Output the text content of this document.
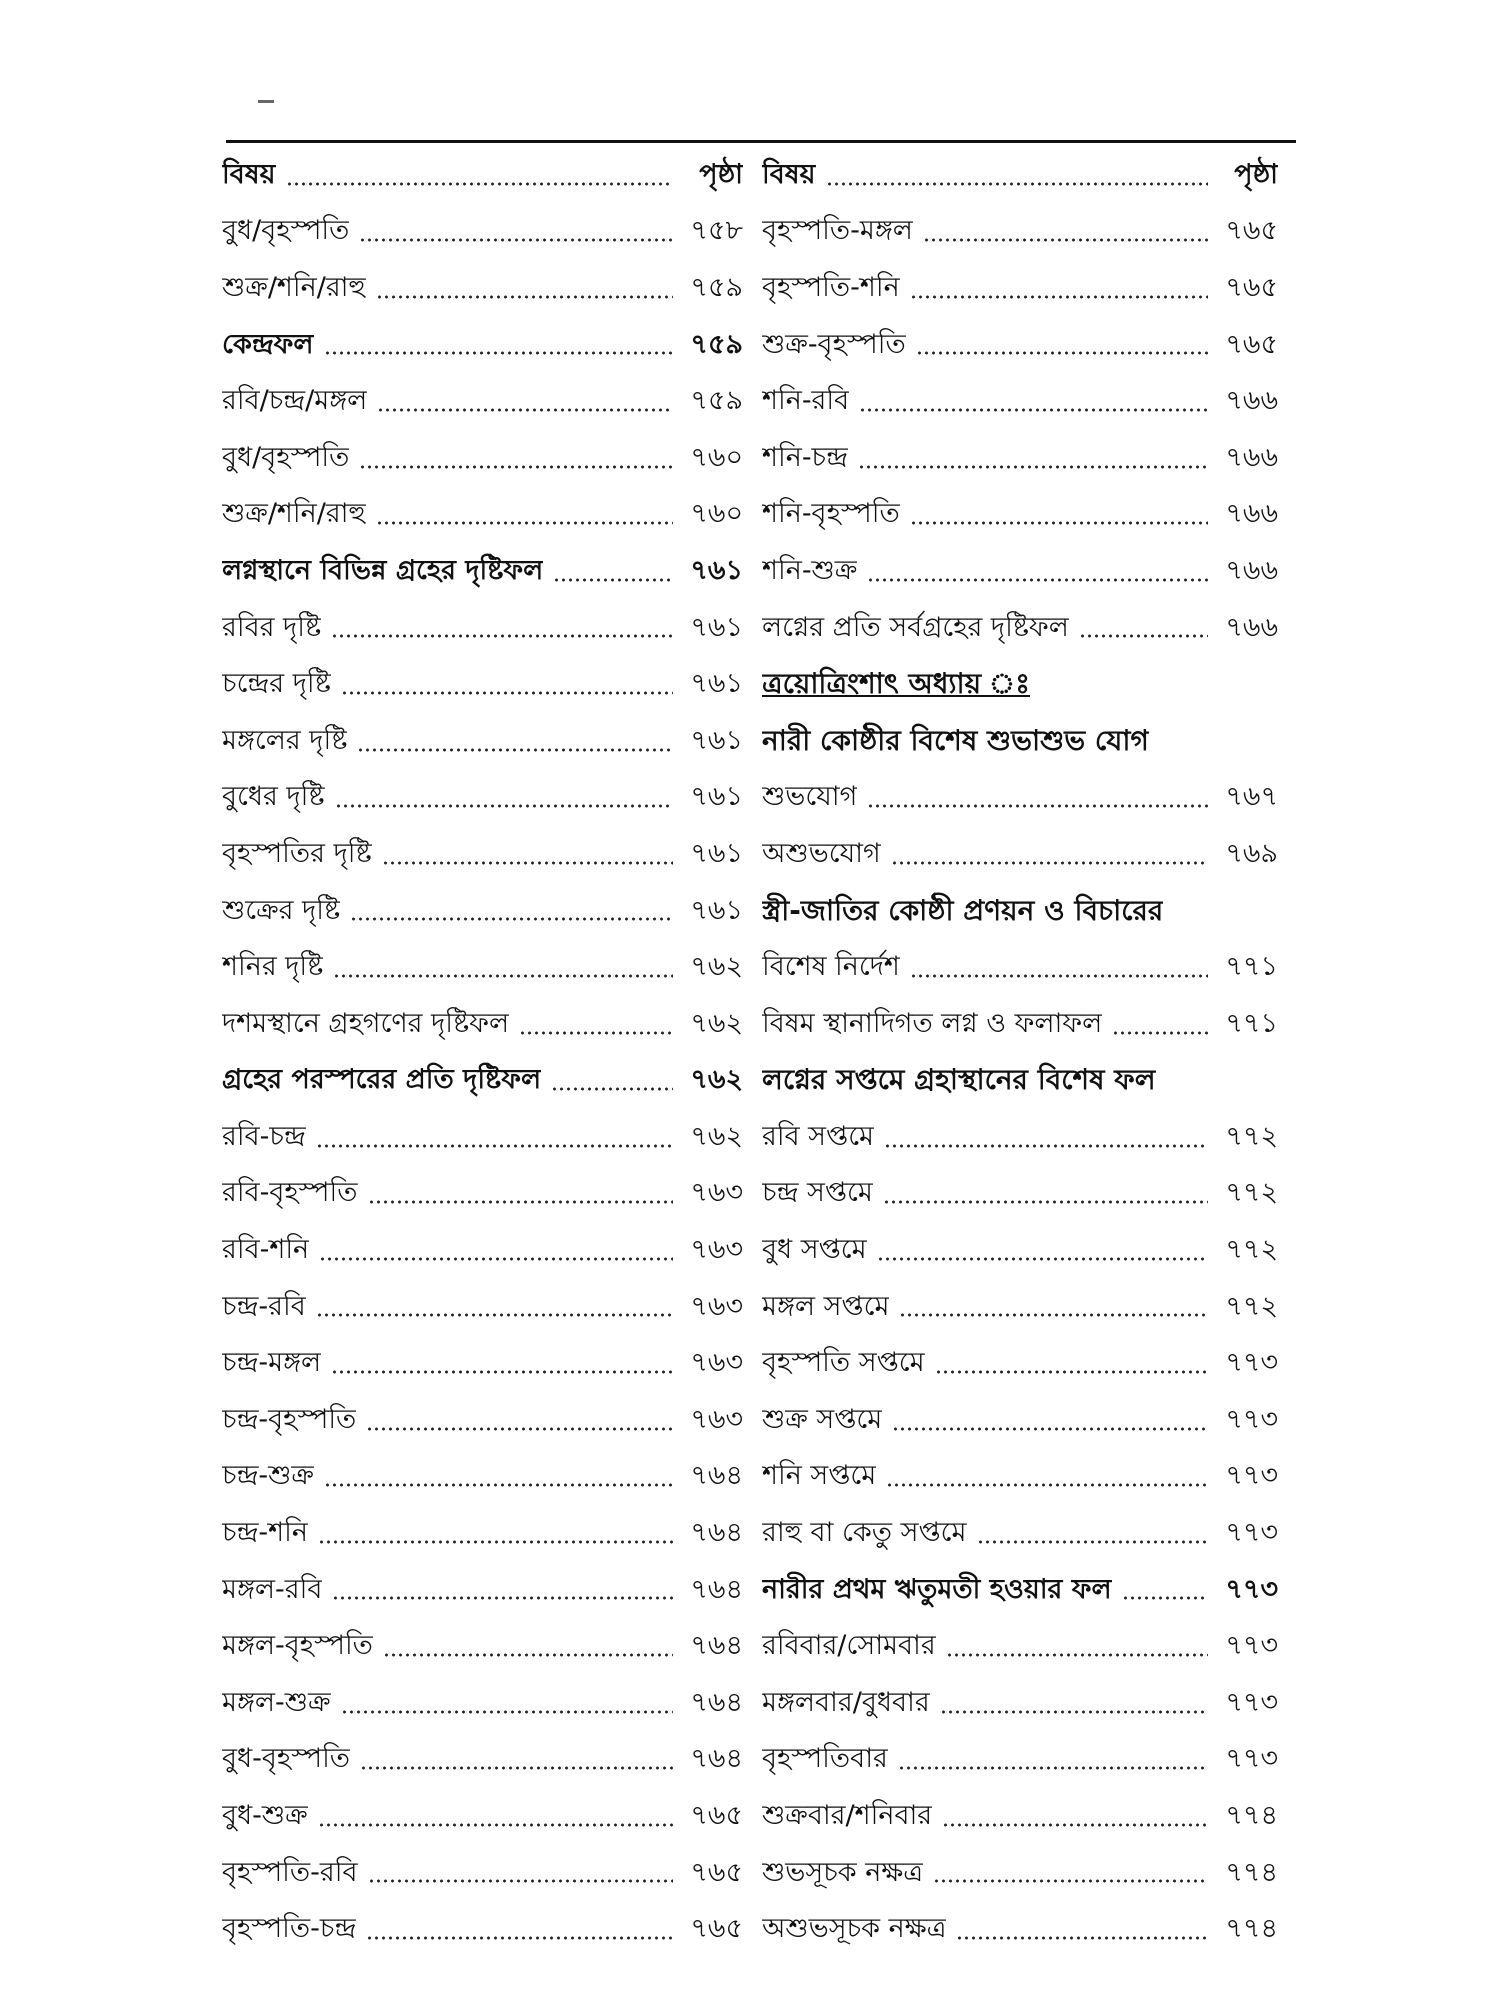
বিষয়	পৃষ্ঠা
বুধ/বৃহস্পতি	৭৫৮
শুক্র/শনি/রাহু	৭৫৯
কেন্দ্রফল	৭৫৯
রবি/চন্দ্র/মঙ্গল	৭৫৯
বুধ/বৃহস্পতি	৭৬০
শুক্র/শনি/রাহু	৭৬০
লগ্নস্থানে বিভিন্ন গ্রহের দৃষ্টিফল	৭৬১
রবির দৃষ্টি	৭৬১
চন্দ্রের দৃষ্টি	৭৬১
মঙ্গলের দৃষ্টি	৭৬১
বুধের দৃষ্টি	৭৬১
বৃহস্পতির দৃষ্টি	৭৬১
শুক্রের দৃষ্টি	৭৬১
শনির দৃষ্টি	৭৬২
দশমস্থানে গ্রহগণের দৃষ্টিফল	৭৬২
গ্রহের পরস্পরের প্রতি দৃষ্টিফল	৭৬২
রবি-চন্দ্র	৭৬২
রবি-বৃহস্পতি	৭৬৩
রবি-শনি	৭৬৩
চন্দ্র-রবি	৭৬৩
চন্দ্র-মঙ্গল	৭৬৩
চন্দ্র-বৃহস্পতি	৭৬৩
চন্দ্র-শুক্র	৭৬৪
চন্দ্র-শনি	৭৬৪
মঙ্গল-রবি	৭৬৪
মঙ্গল-বৃহস্পতি	৭৬৪
মঙ্গল-শুক্র	৭৬৪
বুধ-বৃহস্পতি	৭৬৪
বুধ-শুক্র	৭৬৫
বৃহস্পতি-রবি	৭৬৫
বৃহস্পতি-চন্দ্র	৭৬৫
বিষয়	পৃষ্ঠা
বৃহস্পতি-মঙ্গল	৭৬৫
বৃহস্পতি-শনি	৭৬৫
শুক্র-বৃহস্পতি	৭৬৫
শনি-রবি	৭৬৬
শনি-চন্দ্র	৭৬৬
শনি-বৃহস্পতি	৭৬৬
শনি-শুক্র	৭৬৬
লগ্নের প্রতি সর্বগ্রহের দৃষ্টিফল	৭৬৬
ত্রয়োত্রিংশাৎ অধ্যায় ঃ
নারী কোষ্ঠীর বিশেষ শুভাশুভ যোগ
শুভযোগ	৭৬৭
অশুভযোগ	৭৬৯
স্ত্রী-জাতির কোষ্ঠী প্রণয়ন ও বিচারের
বিশেষ নির্দেশ	৭৭১
বিষম স্থানাদিগত লগ্ন ও ফলাফল	৭৭১
লগ্নের সপ্তমে গ্রহাস্থানের বিশেষ ফল
রবি সপ্তমে	৭৭২
চন্দ্র সপ্তমে	৭৭২
বুধ সপ্তমে	৭৭২
মঙ্গল সপ্তমে	৭৭২
বৃহস্পতি সপ্তমে	৭৭৩
শুক্র সপ্তমে	৭৭৩
শনি সপ্তমে	৭৭৩
রাহু বা কেতু সপ্তমে	৭৭৩
নারীর প্রথম ঋতুমতী হওয়ার ফল	৭৭৩
রবিবার/সোমবার	৭৭৩
মঙ্গলবার/বুধবার	৭৭৩
বৃহস্পতিবার	৭৭৩
শুক্রবার/শনিবার	৭৭৪
শুভসূচক নক্ষত্র	৭৭৪
অশুভসূচক নক্ষত্র	৭৭৪
